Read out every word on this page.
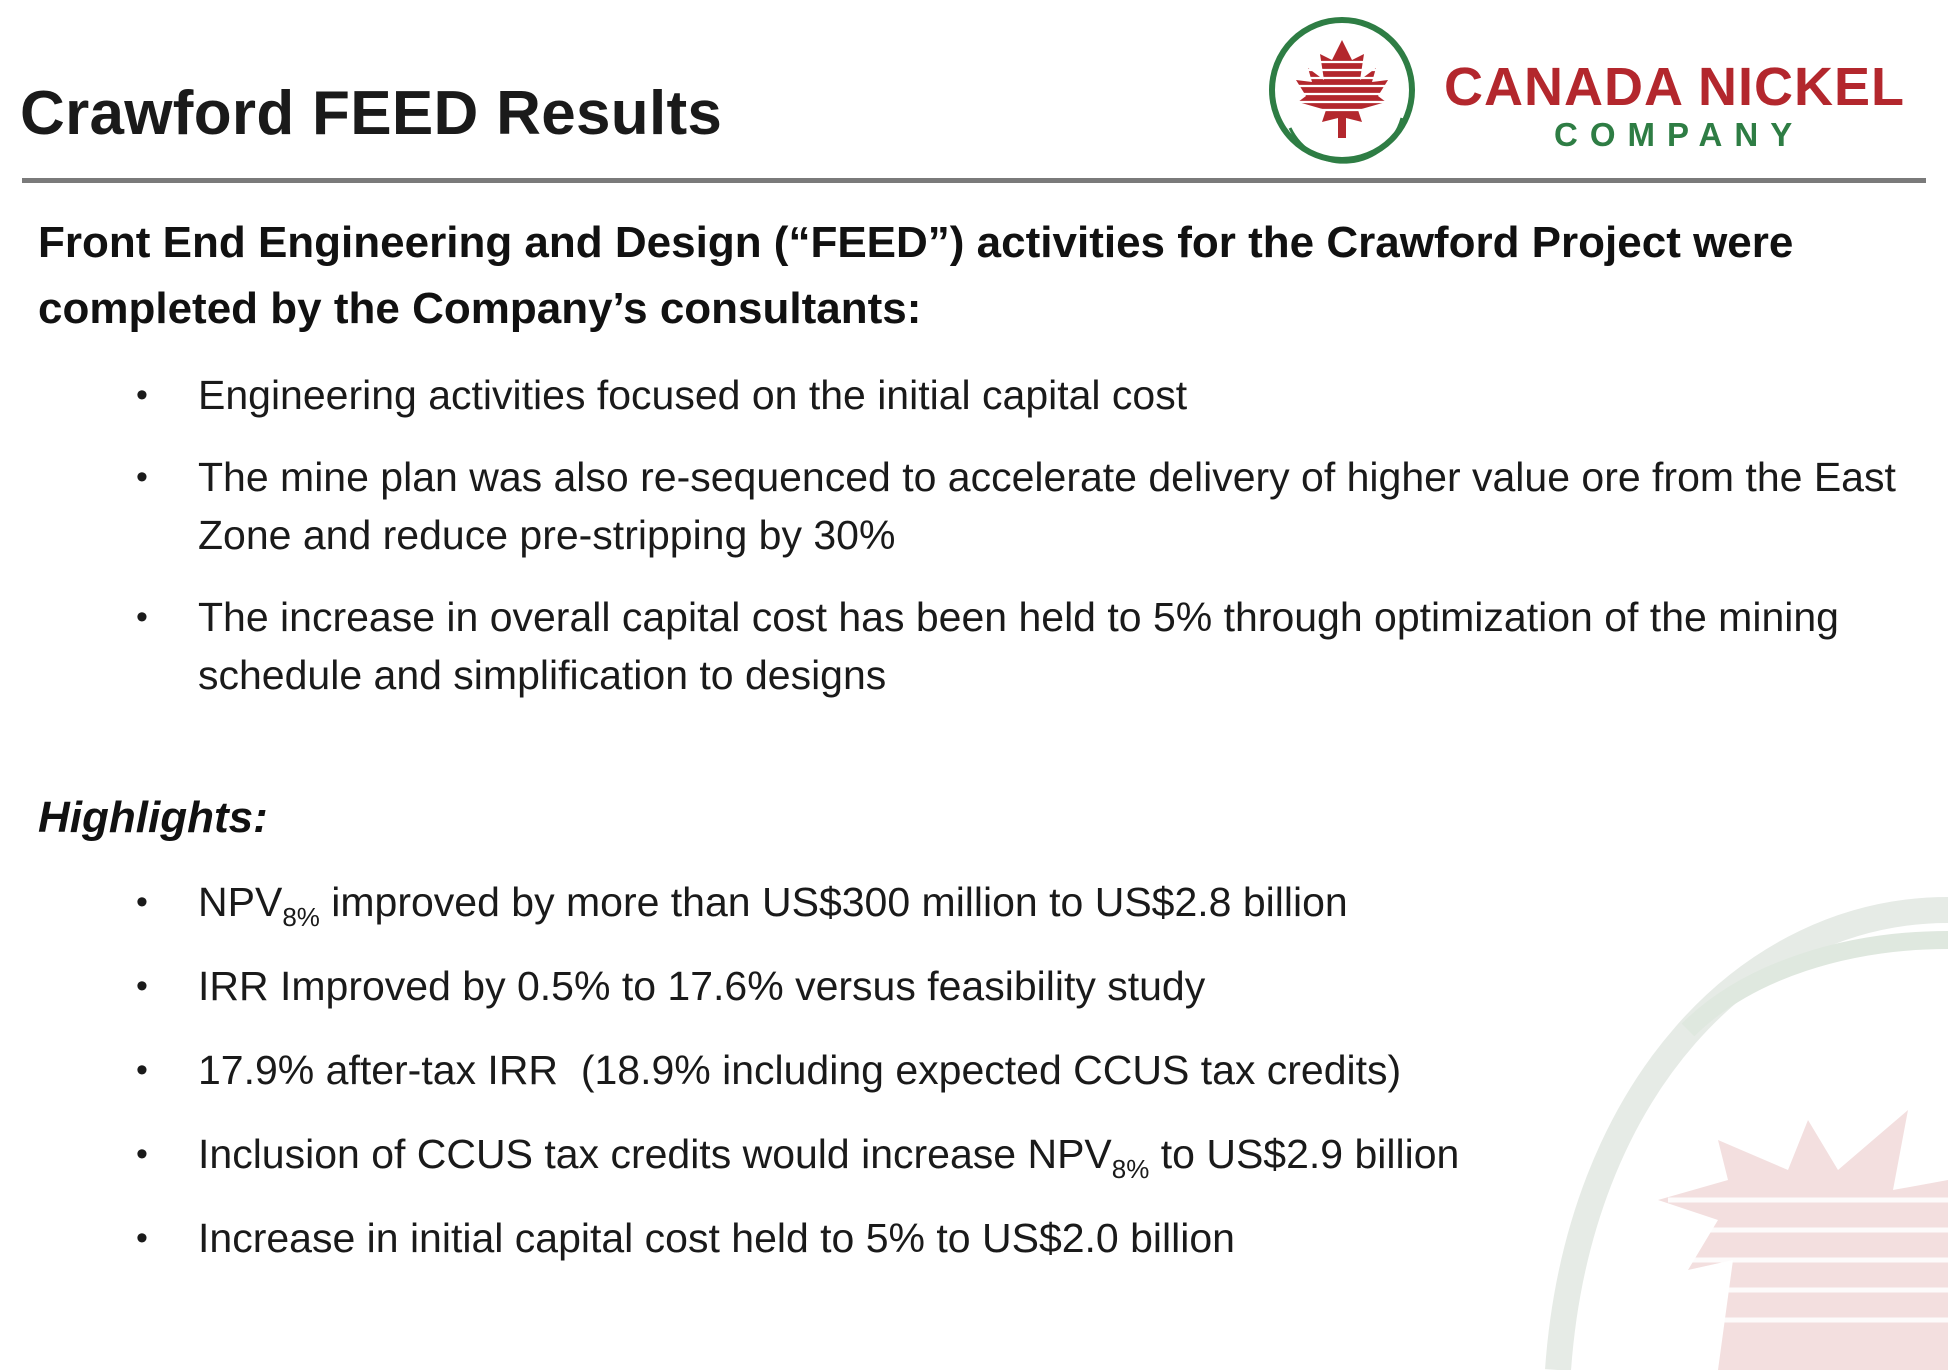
Crawford FEED Results	CANADA NICKEL
COMPANY
Front End Engineering and Design (“FEED”) activities for the Crawford Project were completed by the Company’s consultants:
• Engineering activities focused on the initial capital cost
• The mine plan was also re-sequenced to accelerate delivery of higher value ore from the East Zone and reduce pre-stripping by 30%
• The increase in overall capital cost has been held to 5% through optimization of the mining schedule and simplification to designs
Highlights:
• $NPV_{8\%}$ improved by more than US$300 million to US$2.8 billion
• IRR Improved by 0.5% to 17.6% versus feasibility study
• 17.9% after-tax IRR  (18.9% including expected CCUS tax credits)
• Inclusion of CCUS tax credits would increase $NPV_{8\%}$ to US$2.9 billion
• Increase in initial capital cost held to 5% to US$2.0 billion
